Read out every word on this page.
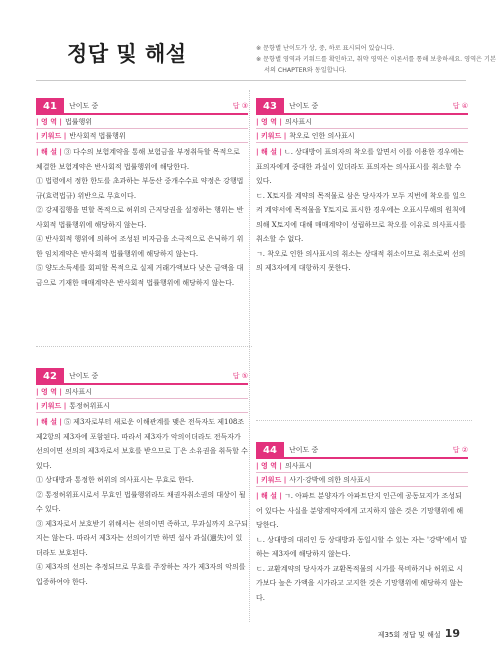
정답 및 해설	※ 문항별 난이도가 상, 중, 하로 표시되어 있습니다.
※ 문항별 영역과 키워드를 확인하고, 취약 영역은 이론서를 통해 보충하세요. 영역은 기본서의 CHAPTER와 동일합니다.
41	난이도 중	답 ③
| 영 역 | 법률행위
| 키워드 | 반사회적 법률행위
| 해 설 | ③ 다수의 보험계약을 통해 보험금을 부정취득할 목적으로 체결한 보험계약은 반사회적 법률행위에 해당한다.
① 법령에서 정한 한도를 초과하는 부동산 중개수수료 약정은 강행법규(효력법규) 위반으로 무효이다.
② 강제집행을 면할 목적으로 허위의 근저당권을 설정하는 행위는 반사회적 법률행위에 해당하지 않는다.
④ 반사회적 행위에 의하여 조성된 비자금을 소극적으로 은닉하기 위한 임치계약은 반사회적 법률행위에 해당하지 않는다.
⑤ 양도소득세를 회피할 목적으로 실제 거래가액보다 낮은 금액을 대금으로 기재한 매매계약은 반사회적 법률행위에 해당하지 않는다.
42	난이도 중	답 ⑤
| 영 역 | 의사표시
| 키워드 | 통정허위표시
| 해 설 | ⑤ 제3자로부터 새로운 이해관계를 맺은 전득자도 제108조 제2항의 제3자에 포함된다. 따라서 제3자가 악의이더라도 전득자가 선의이면 선의의 제3자로서 보호를 받으므로 丁은 소유권을 취득할 수 있다.
① 상대방과 통정한 허위의 의사표시는 무효로 한다.
② 통정허위표시로서 무효인 법률행위라도 채권자취소권의 대상이 될 수 있다.
③ 제3자로서 보호받기 위해서는 선의이면 족하고, 무과실까지 요구되지는 않는다. 따라서 제3자는 선의이기만 하면 설사 과실(過失)이 있더라도 보호된다.
④ 제3자의 선의는 추정되므로 무효를 주장하는 자가 제3자의 악의를 입증하여야 한다.
43	난이도 중	답 ④
| 영 역 | 의사표시
| 키워드 | 착오로 인한 의사표시
| 해 설 | ㄴ. 상대방이 표의자의 착오를 알면서 이를 이용한 경우에는 표의자에게 중대한 과실이 있더라도 표의자는 의사표시를 취소할 수 있다.
ㄷ. X토지를 계약의 목적물로 삼은 당사자가 모두 지번에 착오를 일으켜 계약서에 목적물을 Y토지로 표시한 경우에는 오표시무해의 원칙에 의해 X토지에 대해 매매계약이 성립하므로 착오를 이유로 의사표시를 취소할 수 없다.
ㄱ. 착오로 인한 의사표시의 취소는 상대적 취소이므로 취소로써 선의의 제3자에게 대항하지 못한다.
44	난이도 중	답 ②
| 영 역 | 의사표시
| 키워드 | 사기·강박에 의한 의사표시
| 해 설 | ㄱ. 아파트 분양자가 아파트단지 인근에 공동묘지가 조성되어 있다는 사실을 분양계약자에게 고지하지 않은 것은 기망행위에 해당한다.
ㄴ. 상대방의 대리인 등 상대방과 동일시할 수 있는 자는 '강박'에서 말하는 제3자에 해당하지 않는다.
ㄷ. 교환계약의 당사자가 교환목적물의 시가를 묵비하거나 허위로 시가보다 높은 가액을 시가라고 고지한 것은 기망행위에 해당하지 않는다.
제35회 정답 및 해설 19
